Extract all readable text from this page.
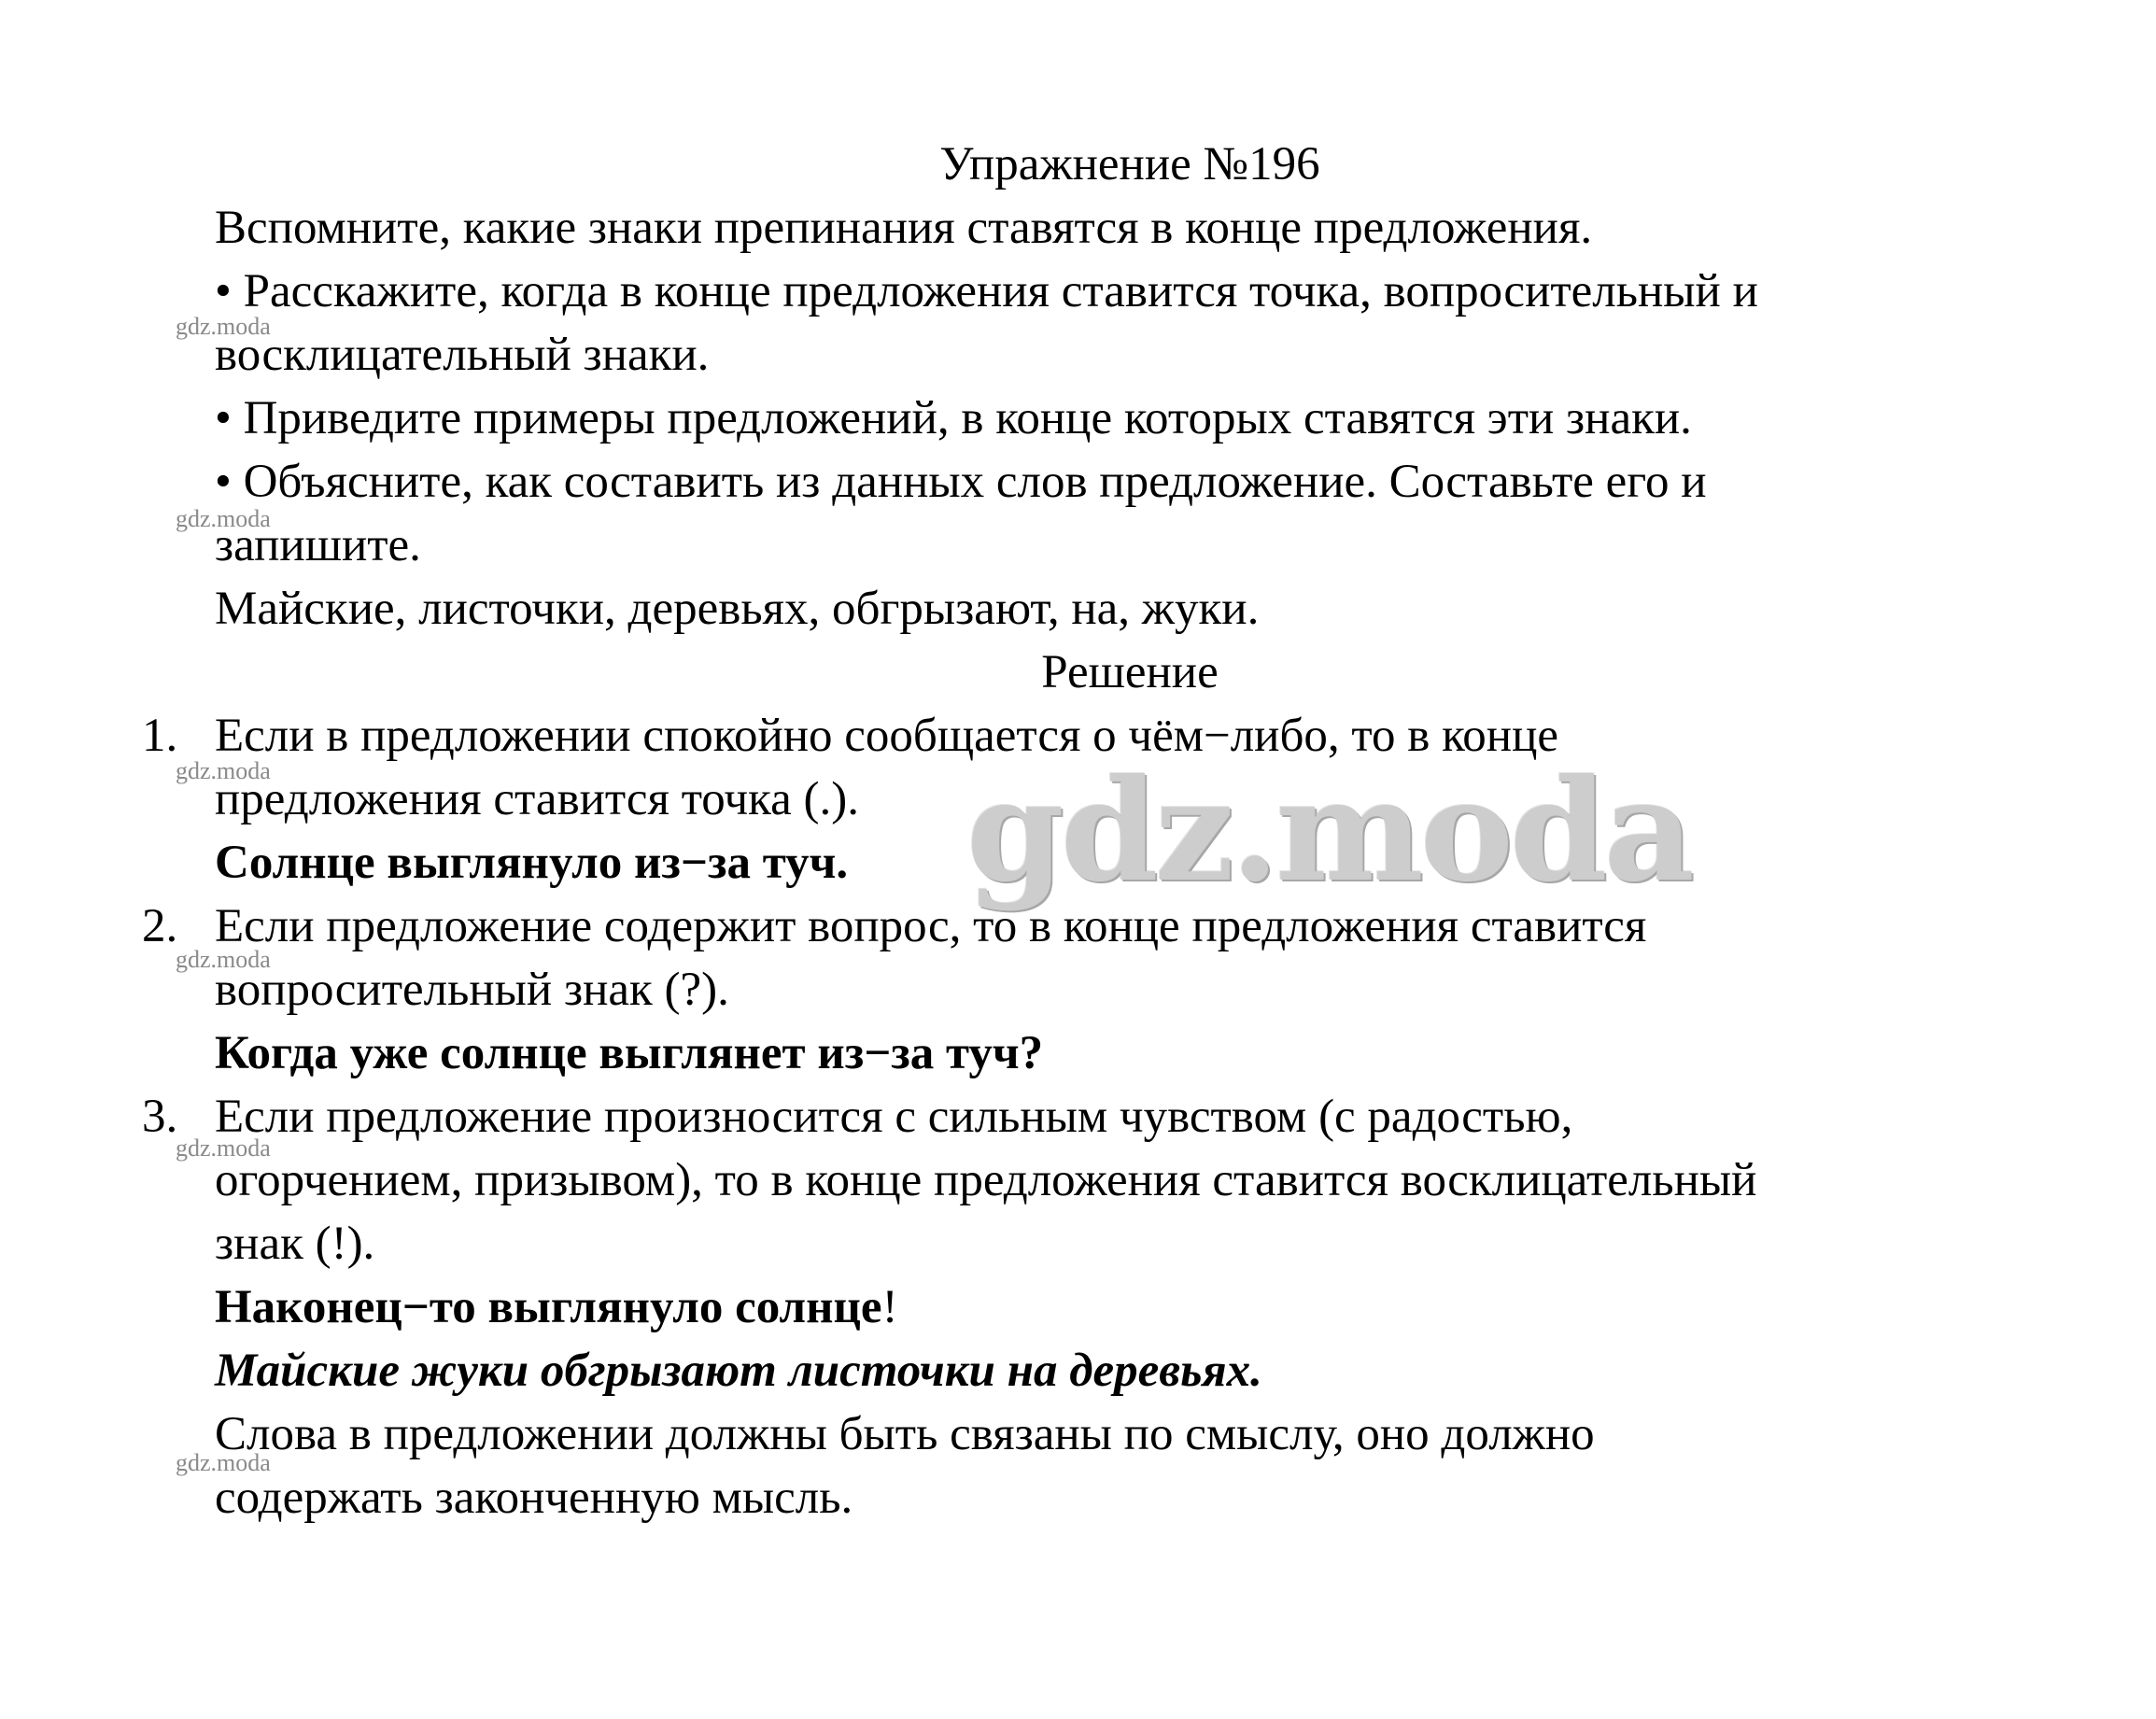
Упражнение №196
Вспомните, какие знаки препинания ставятся в конце предложения.
• Расскажите, когда в конце предложения ставится точка, вопросительный и
восклицательный знаки.
• Приведите примеры предложений, в конце которых ставятся эти знаки.
• Объясните, как составить из данных слов предложение. Составьте его и
запишите.
Майские, листочки, деревьях, обгрызают, на, жуки.
Решение
1. Если в предложении спокойно сообщается о чём−либо, то в конце
предложения ставится точка (.).
Солнце выглянуло из−за туч.
2. Если предложение содержит вопрос, то в конце предложения ставится
вопросительный знак (?).
Когда уже солнце выглянет из−за туч?
3. Если предложение произносится с сильным чувством (с радостью,
огорчением, призывом), то в конце предложения ставится восклицательный
знак (!).
Наконец−то выглянуло солнце!
Майские жуки обгрызают листочки на деревьях.
Слова в предложении должны быть связаны по смыслу, оно должно
содержать законченную мысль.
gdz.moda
gdz.moda
gdz.moda
gdz.moda
gdz.moda
gdz.moda
gdz.moda
